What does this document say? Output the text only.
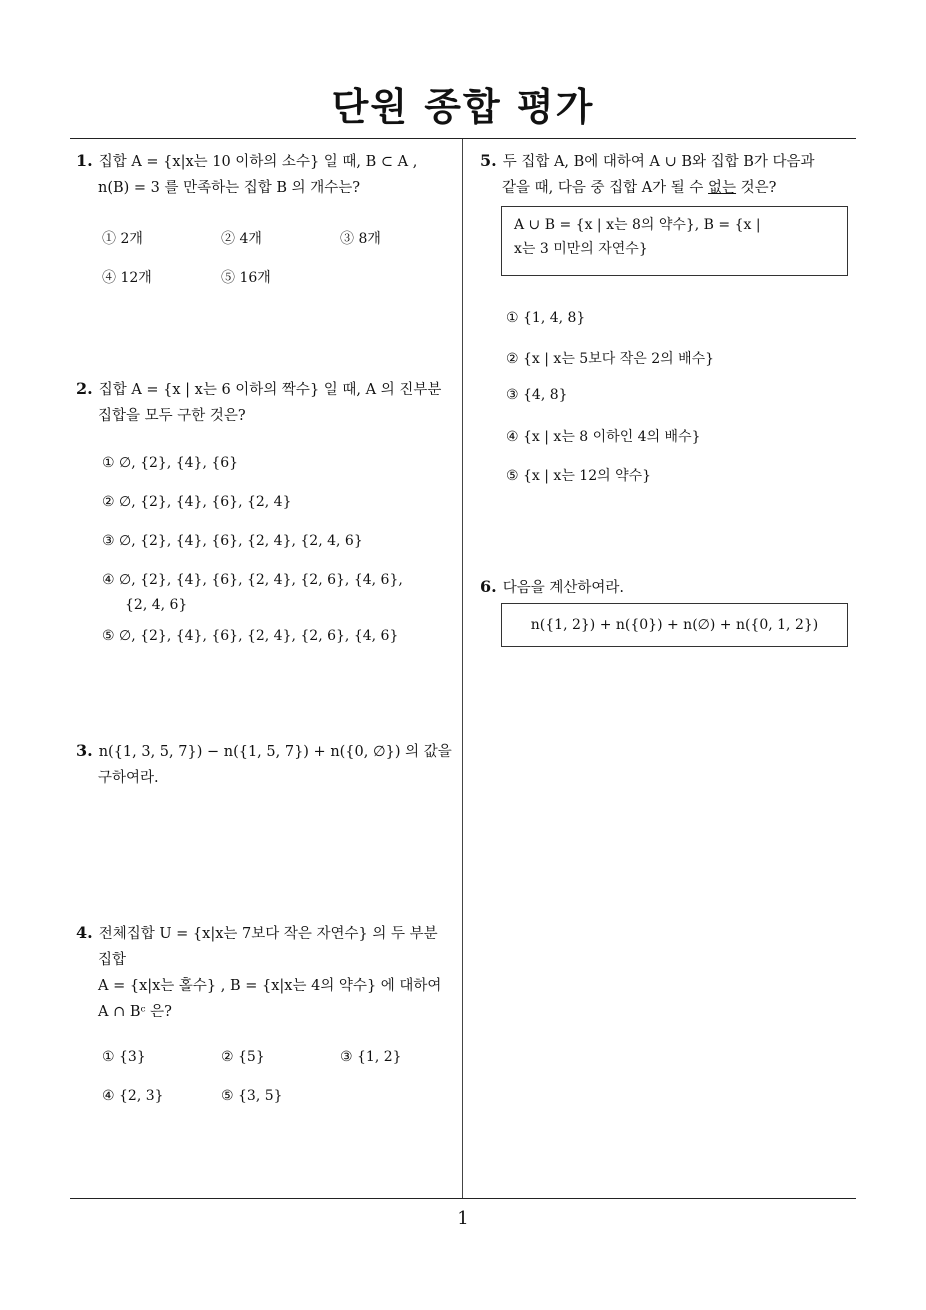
단원 종합 평가
1. 집합 A = {x|x는 10 이하의 소수} 일 때, B ⊂ A ,
n(B) = 3 를 만족하는 집합 B 의 개수는?
① 2개	② 4개	③ 8개
④ 12개	⑤ 16개
2. 집합 A = {x | x는 6 이하의 짝수} 일 때, A 의 진부분
집합을 모두 구한 것은?
① ∅, {2}, {4}, {6}
② ∅, {2}, {4}, {6}, {2, 4}
③ ∅, {2}, {4}, {6}, {2, 4}, {2, 4, 6}
④ ∅, {2}, {4}, {6}, {2, 4}, {2, 6}, {4, 6},
{2, 4, 6}
⑤ ∅, {2}, {4}, {6}, {2, 4}, {2, 6}, {4, 6}
3. n({1, 3, 5, 7}) − n({1, 5, 7}) + n({0, ∅}) 의 값을
구하여라.
4. 전체집합 U = {x|x는 7보다 작은 자연수} 의 두 부분
집합
A = {x|x는 홀수} , B = {x|x는 4의 약수} 에 대하여
A ∩ Bᶜ 은?
① {3}	② {5}	③ {1, 2}
④ {2, 3}	⑤ {3, 5}
5. 두 집합 A, B에 대하여 A ∪ B와 집합 B가 다음과
같을 때, 다음 중 집합 A가 될 수 없는 것은?
A ∪ B = {x | x는 8의 약수}, B = {x |
x는 3 미만의 자연수}
① {1, 4, 8}
② {x | x는 5보다 작은 2의 배수}
③ {4, 8}
④ {x | x는 8 이하인 4의 배수}
⑤ {x | x는 12의 약수}
6. 다음을 계산하여라.
n({1, 2}) + n({0}) + n(∅) + n({0, 1, 2})
1
